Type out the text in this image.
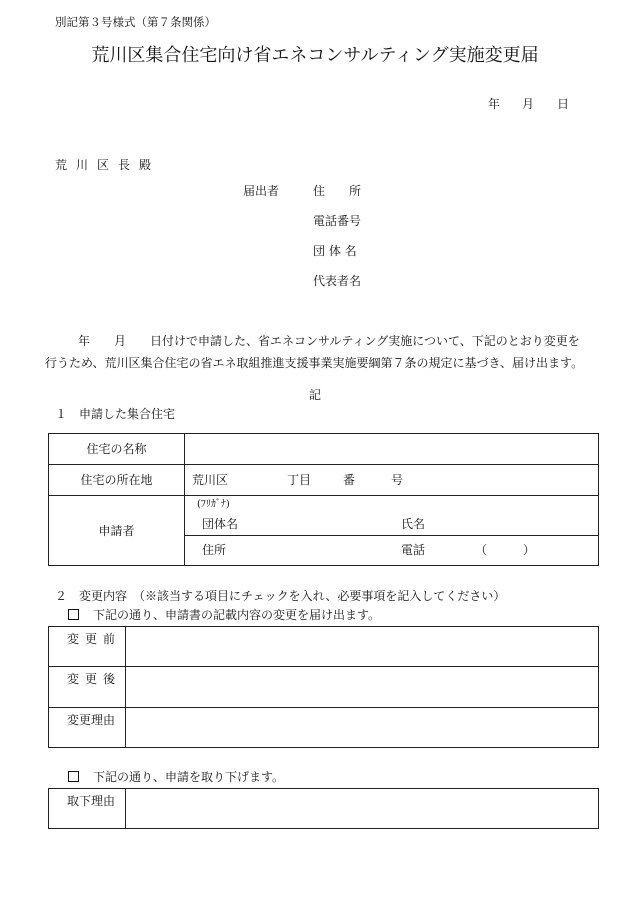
別記第３号様式（第７条関係）
荒川区集合住宅向け省エネコンサルティング実施変更届
年 月 日
荒川区長殿
届出者	住　　所
電話番号
団 体 名
代表者名
年　　月　　日付けで申請した、省エネコンサルティング実施について、下記のとおり変更を
行うため、荒川区集合住宅の省エネ取組推進支援事業実施要綱第７条の規定に基づき、届け出ます。
記
１　申請した集合住宅
住宅の名称	
住宅の所在地	荒川区 丁目 番 号

申請者	(ﾌﾘｶﾞﾅ)
団体名 氏名

	住所 電話 （ ）
２　変更内容　（※該当する項目にチェックを入れ、必要事項を記入してください）
下記の通り、申請書の記載内容の変更を届け出ます。
変更前	
変更後	
変更理由	
下記の通り、申請を取り下げます。
取下理由	
